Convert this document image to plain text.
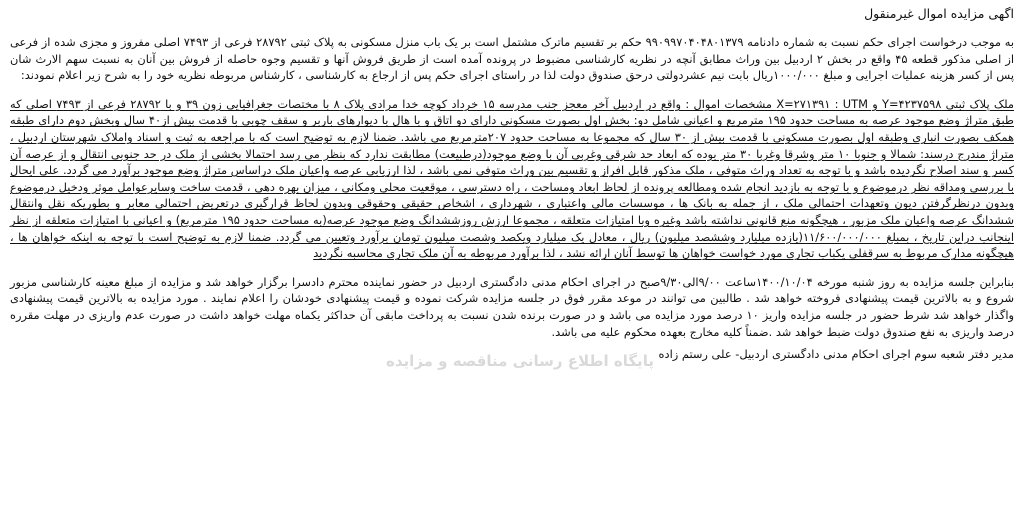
اگهی مزایده اموال غیرمنقول

به موجب درخواست اجرای حکم نسبت به شماره دادنامه ۹۹۰۹۹۷۰۴۰۴۸۰۱۳۷۹ حکم بر تقسیم ماترک مشتمل است بر یک باب منزل مسکونی به پلاک ثبتی ۲۸۷۹۲ فرعی از ۷۴۹۳ اصلی مفروز و مجزی شده از فرعی از اصلی مذکور قطعه ۴۵ واقع در بخش ۲ اردبیل بین وراث مطابق آنچه در نظریه کارشناسی مضبوط در پرونده آمده است از طریق فروش آنها و تقسیم وجوه حاصله از فروش بین آنان به نسبت سهم الارث شان پس از کسر هزینه عملیات اجرایی و مبلغ ۱۰۰۰/۰۰۰ریال بابت نیم عشردولتی درحق صندوق دولت لذا در راستای اجرای حکم پس از ارجاع به کارشناسی ، کارشناس مربوطه نظریه خود را به شرح زیر اعلام نمودند:

ملک پلاک ثبتی Y=۴۲۳۷۵۹۸ و X=۲۷۱۳۹۱ : UTM مشخصات اموال : واقع در اردبیل آخر معجز جنب مدرسه ۱۵ خرداد کوچه خدا مرادی پلاک ۸ با مختصات جغرافیایی زون ۳۹ و با ۲۸۷۹۲ فرعی از ۷۴۹۳ اصلی که طبق متراژ وضع موجود عرصه به مساحت حدود ۱۹۵ مترمربع و اعیانی شامل دو: بخش اول بصورت مسکونی دارای دو اتاق و با هال با دیوارهای باربر و سقف چوبی با قدمت بیش از۴۰ سال وبخش دوم دارای طبقه همکف بصورت انباری وطبقه اول بصورت مسکونی با قدمت بیش از ۳۰ سال که مجموعا به مساحت حدود ۲۰۷مترمربع می باشد. ضمنا لازم به توضیح است که با مراجعه به ثبت و اسناد واملاک شهرستان اردبیل ، متراژ مندرج درسند: شمالا و جنوبا ۱۰ متر وشرقا وغربا ۳۰ متر بوده که ابعاد حد شرقی وغربی آن با وضع موجود(درطبیعت) مطابقت ندارد که بنظر می رسد احتمالا بخشی از ملک در حد جنوبی انتقال و از عرصه آن کسر و سند اصلاح نگردیده باشد و با توجه به تعداد وراث متوفی ، ملک مذکور قابل افراز و تقسیم بین وراث متوفی نمی باشد ، لذا ارزیابی عرصه واعیان ملک دراساس متراژ وضع موجود برآورد می گردد. علی ایحال با بررسی ومداقه نظر درموضوع و با توجه به بازدید انجام شده ومطالعه پرونده از لحاظ ابعاد ومساحت ، راه دسترسی ، موقعیت محلی ومکانی ، میزان بهره دهی ، قدمت ساخت وسایرعوامل موثر ودخیل درموضوع وبدون درنظرگرفتن دیون وتعهدات احتمالی ملک ، از جمله به بانک ها ، موسسات مالی واعتباری ، شهرداری ، اشخاص حقیقی وحقوقی وبدون لحاظ قرارگیری درتعریض احتمالی معابر و بطوریکه نقل وانتقال ششدانگ عرصه واعیان ملک مزبور ، هیچگونه منع قانونی نداشته باشد وغیره وبا امتیازات متعلقه ، مجموعا ارزش روزششدانگ وضع موجود عرصه(به مساحت حدود ۱۹۵ مترمربع) و اعیانی با امتیازات متعلقه از نظر اینجانب دراین تاریخ ، بمبلغ ۱۱/۶۰۰/۰۰۰/۰۰۰(یازده میلیارد وششصد میلیون) ریال ، معادل یک میلیارد ویکصد وشصت میلیون تومان برآورد وتعیین می گردد. ضمنا لازم به توضیح است با توجه به اینکه خواهان ها ، هیچگونه مدارک مربوط به سرقفلی یکباب تجاری مورد خواست خواهان ها توسط آنان ارائه نشد ، لذا برآورد مربوطه به آن ملک تجاری محاسبه نگردید

بنابراین جلسه مزایده به روز شنبه مورخه ۱۴۰۰/۱۰/۰۴ساعت ۹/۰۰الی۹/۳۰صبح در اجرای احکام مدنی دادگستری اردبیل در حضور نماینده محترم دادسرا برگزار خواهد شد و مزایده از مبلغ معینه کارشناسی مزبور شروع و به بالاترین قیمت پیشنهادی فروخته خواهد شد . طالبین می توانند در موعد مقرر فوق در جلسه مزایده شرکت نموده و قیمت پیشنهادی خودشان را اعلام نمایند . مورد مزایده به بالاترین قیمت پیشنهادی واگذار خواهد شد شرط حضور در جلسه مزایده واریز ۱۰ درصد مورد مزایده می باشد و در صورت برنده شدن نسبت به پرداخت مابقی آن حداکثر یکماه مهلت خواهد داشت در صورت عدم واریزی در مهلت مقرره درصد واریزی به نفع صندوق دولت ضبط خواهد شد .ضمناً کلیه مخارج بعهده محکوم علیه می باشد.

مدیر دفتر شعبه سوم اجرای احکام مدنی دادگستری اردبیل- علی رستم زاده

پایگاه اطلاع رسانی مناقصه و مزایده
